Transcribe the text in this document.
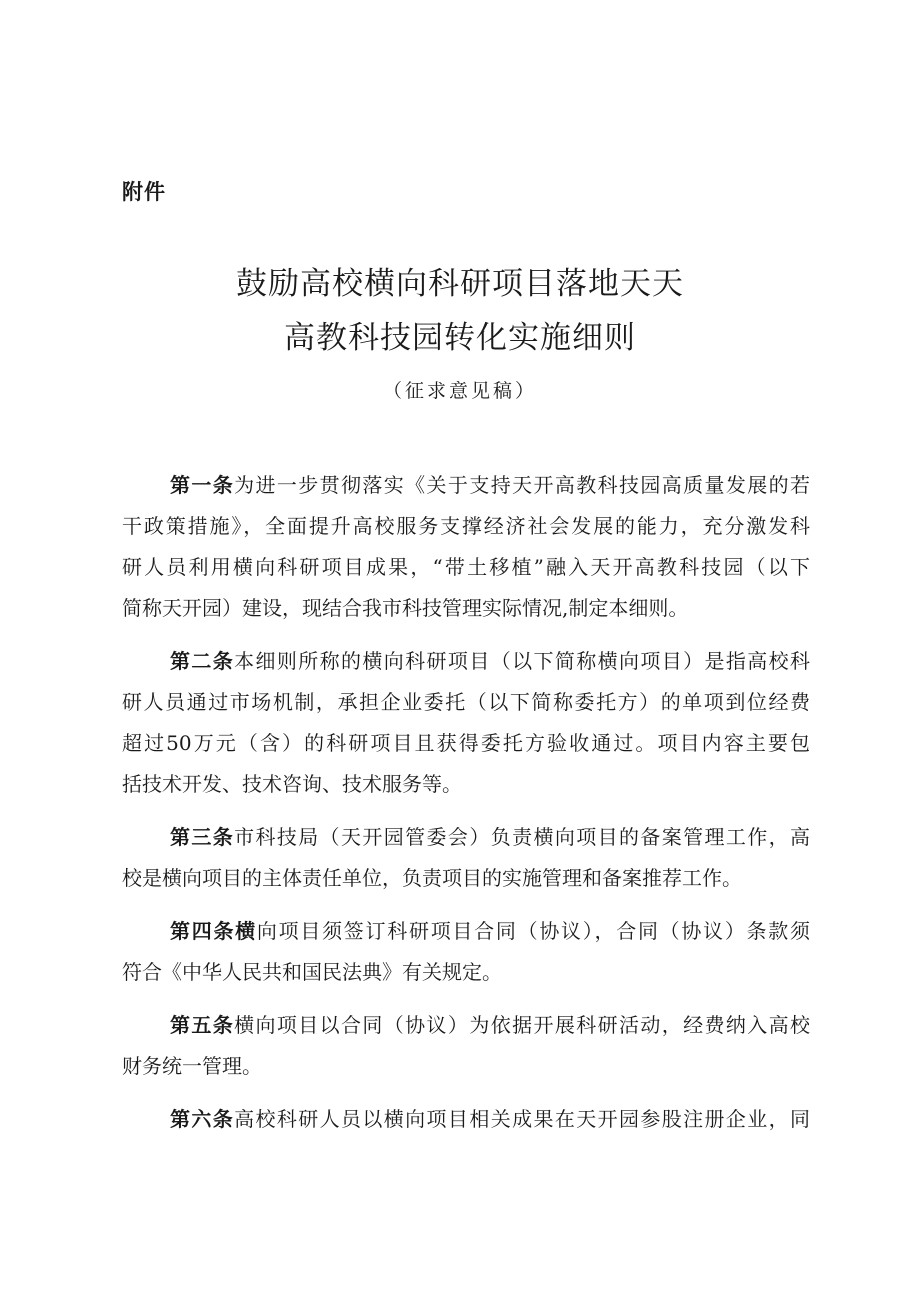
附件
鼓励高校横向科研项目落地天天
高教科技园转化实施细则
（征求意见稿）
第一条为进一步贯彻落实《关于支持天开高教科技园高质量发展的若
干政策措施》，全面提升高校服务支撑经济社会发展的能力，充分激发科
研人员利用横向科研项目成果，“带土移植”融入天开高教科技园（以下
简称天开园）建设，现结合我市科技管理实际情况,制定本细则。
第二条本细则所称的横向科研项目（以下简称横向项目）是指高校科
研人员通过市场机制，承担企业委托（以下简称委托方）的单项到位经费
超过50万元（含）的科研项目且获得委托方验收通过。项目内容主要包
括技术开发、技术咨询、技术服务等。
第三条市科技局（天开园管委会）负责横向项目的备案管理工作，高
校是横向项目的主体责任单位，负责项目的实施管理和备案推荐工作。
第四条横向项目须签订科研项目合同（协议），合同（协议）条款须
符合《中华人民共和国民法典》有关规定。
第五条横向项目以合同（协议）为依据开展科研活动，经费纳入高校
财务统一管理。
第六条高校科研人员以横向项目相关成果在天开园参股注册企业，同
